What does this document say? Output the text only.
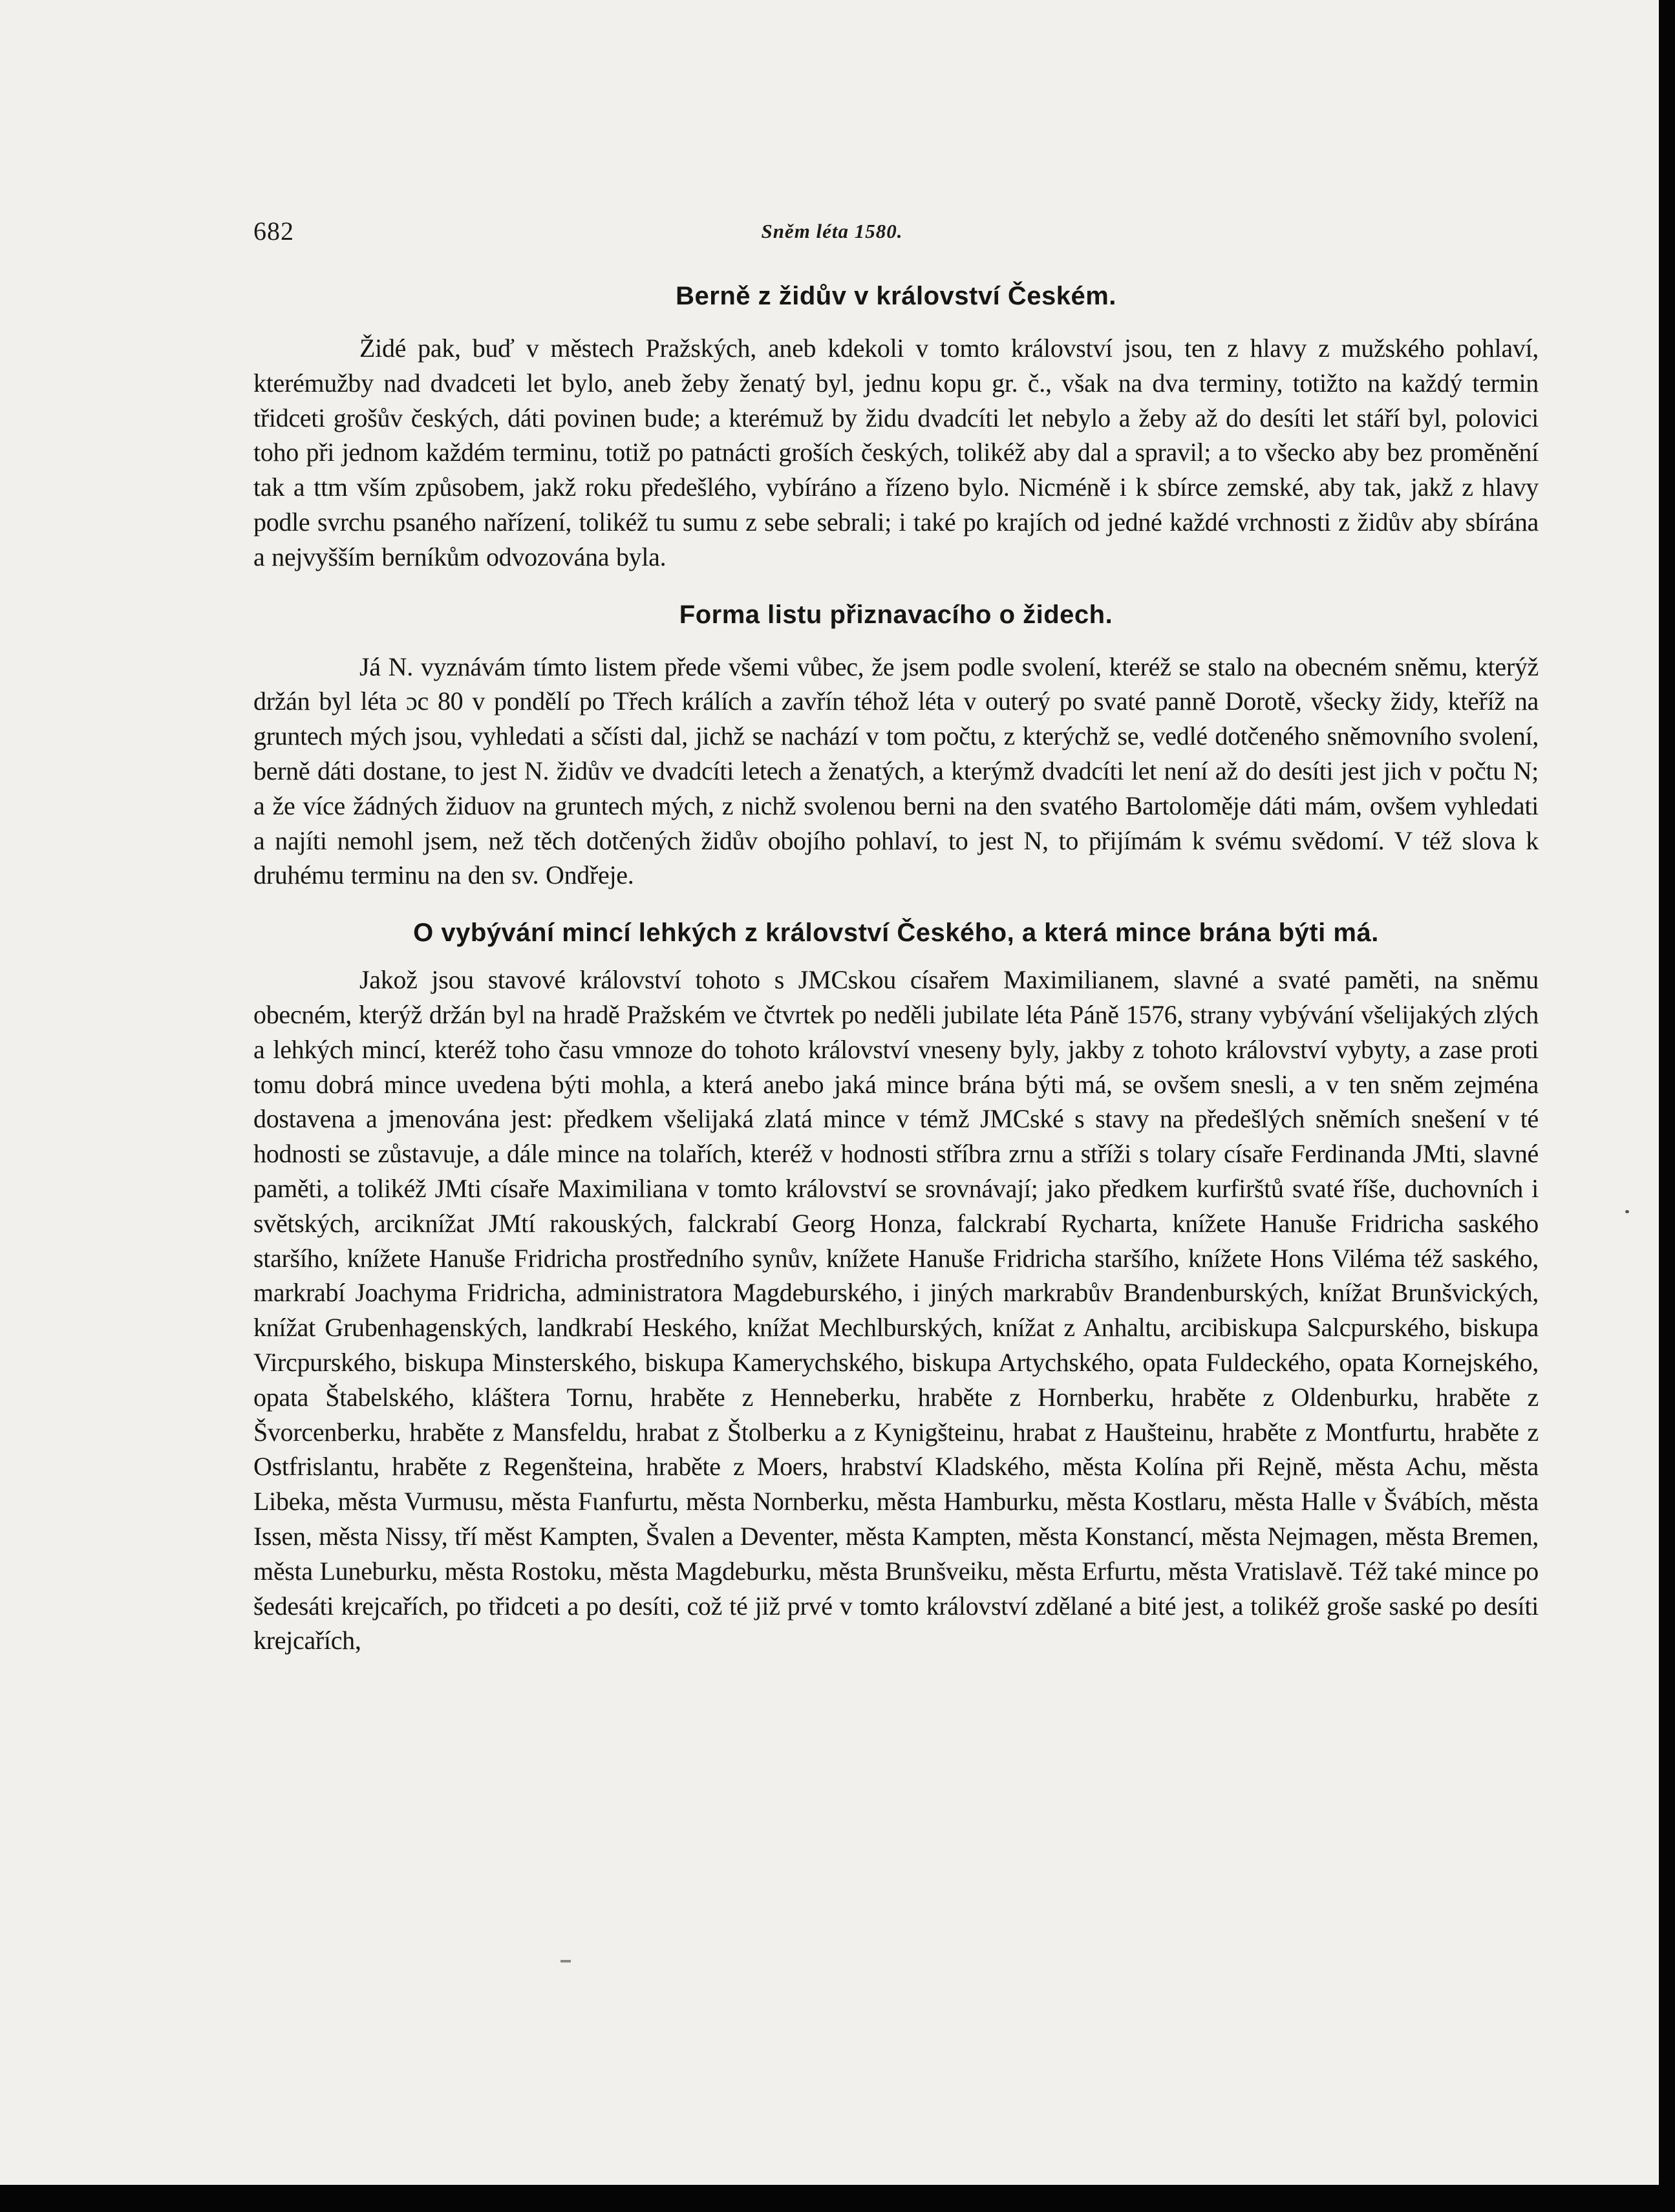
682	Sněm léta 1580.
Berně z židův v království Českém.

Židé pak, buď v městech Pražských, aneb kdekoli v tomto království jsou, ten z hlavy z mužského pohlaví, kterémužby nad dvadceti let bylo, aneb žeby ženatý byl, jednu kopu gr. č., však na dva terminy, totižto na každý termin třidceti grošův českých, dáti povinen bude; a kterémuž by židu dvadcíti let nebylo a žeby až do desíti let stáří byl, polovici toho při jednom každém terminu, totiž po patnácti groších českých, tolikéž aby dal a spravil; a to všecko aby bez proměnění tak a ttm vším způsobem, jakž roku předešlého, vybíráno a řízeno bylo. Nicméně i k sbírce zemské, aby tak, jakž z hlavy podle svrchu psaného nařízení, tolikéž tu sumu z sebe sebrali; i také po krajích od jedné každé vrchnosti z židův aby sbírána a nejvyšším berníkům odvozována byla.

Forma listu přiznavacího o židech.

Já N. vyznávám tímto listem přede všemi vůbec, že jsem podle svolení, kteréž se stalo na obecném sněmu, kterýž držán byl léta ɔc 80 v pondělí po Třech králích a zavřín téhož léta v outerý po svaté panně Dorotě, všecky židy, kteříž na gruntech mých jsou, vyhledati a sčísti dal, jichž se nachází v tom počtu, z kterýchž se, vedlé dotčeného sněmovního svolení, berně dáti dostane, to jest N. židův ve dvadcíti letech a ženatých, a kterýmž dvadcíti let není až do desíti jest jich v počtu N; a že více žádných židuov na gruntech mých, z nichž svolenou berni na den svatého Bartoloměje dáti mám, ovšem vyhledati a najíti nemohl jsem, než těch dotčených židův obojího pohlaví, to jest N, to přijímám k svému svědomí. V též slova k druhému terminu na den sv. Ondřeje.

O vybývání mincí lehkých z království Českého, a která mince brána býti má.

Jakož jsou stavové království tohoto s JMCskou císařem Maximilianem, slavné a svaté paměti, na sněmu obecném, kterýž držán byl na hradě Pražském ve čtvrtek po neděli jubilate léta Páně 1576, strany vybývání všelijakých zlých a lehkých mincí, kteréž toho času vmnoze do tohoto království vneseny byly, jakby z tohoto království vybyty, a zase proti tomu dobrá mince uvedena býti mohla, a která anebo jaká mince brána býti má, se ovšem snesli, a v ten sněm zejména dostavena a jmenována jest: předkem všelijaká zlatá mince v témž JMCské s stavy na předešlých sněmích snešení v té hodnosti se zůstavuje, a dále mince na tolařích, kteréž v hodnosti stříbra zrnu a stříži s tolary císaře Ferdinanda JMti, slavné paměti, a tolikéž JMti císaře Maximiliana v tomto království se srovnávají; jako předkem kurfirštů svaté říše, duchovních i světských, arciknížat JMtí rakouských, falckrabí Georg Honza, falckrabí Rycharta, knížete Hanuše Fridricha saského staršího, knížete Hanuše Fridricha prostředního synův, knížete Hanuše Fridricha staršího, knížete Hons Viléma též saského, markrabí Joachyma Fridricha, administratora Magdeburského, i jiných markrabův Brandenburských, knížat Brunšvických, knížat Grubenhagenských, landkrabí Heského, knížat Mechlburských, knížat z Anhaltu, arcibiskupa Salcpurského, biskupa Vircpurského, biskupa Minsterského, biskupa Kamerychského, biskupa Artychského, opata Fuldeckého, opata Kornejského, opata Štabelského, kláštera Tornu, hraběte z Henneberku, hraběte z Hornberku, hraběte z Oldenburku, hraběte z Švorcenberku, hraběte z Mansfeldu, hrabat z Štolberku a z Kynigšteinu, hrabat z Haušteinu, hraběte z Montfurtu, hraběte z Ostfrislantu, hraběte z Regenšteina, hraběte z Moers, hrabství Kladského, města Kolína při Rejně, města Achu, města Libeka, města Vurmusu, města Fιanfurtu, města Nornberku, města Hamburku, města Kostlaru, města Halle v Švábích, města Issen, města Nissy, tří měst Kampten, Švalen a Deventer, města Kampten, města Konstancí, města Nejmagen, města Bremen, města Luneburku, města Rostoku, města Magdeburku, města Brunšveiku, města Erfurtu, města Vratislavě. Též také mince po šedesáti krejcařích, po třidceti a po desíti, což té již prvé v tomto království zdělané a bité jest, a tolikéž groše saské po desíti krejcařích,
